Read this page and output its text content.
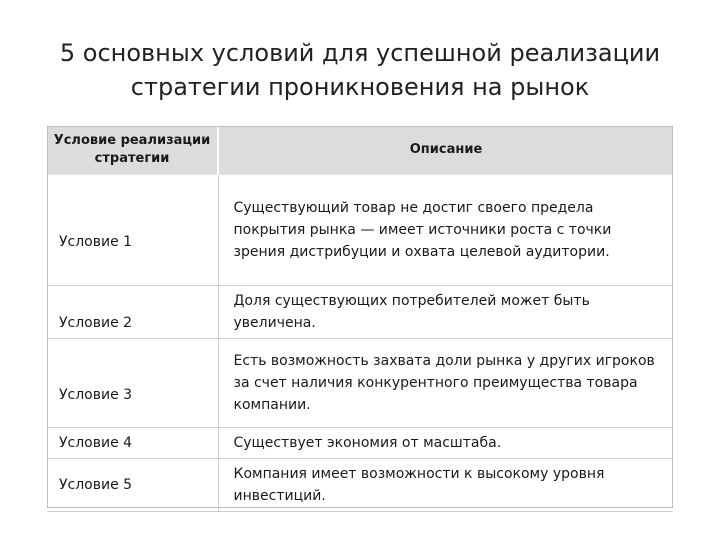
5 основных условий для успешной реализации
стратегии проникновения на рынок
Условие реализации стратегии	Описание

Условие 1	Существующий товар не достиг своего предела покрытия рынка — имеет источники роста с точки зрения дистрибуции и охвата целевой аудитории.

Условие 2	Доля существующих потребителей может быть увеличена.

Условие 3	Есть возможность захвата доли рынка у других игроков за счет наличия конкурентного преимущества товара компании.

Условие 4	Существует экономия от масштаба.

Условие 5	Компания имеет возможности к высокому уровня инвестиций.
